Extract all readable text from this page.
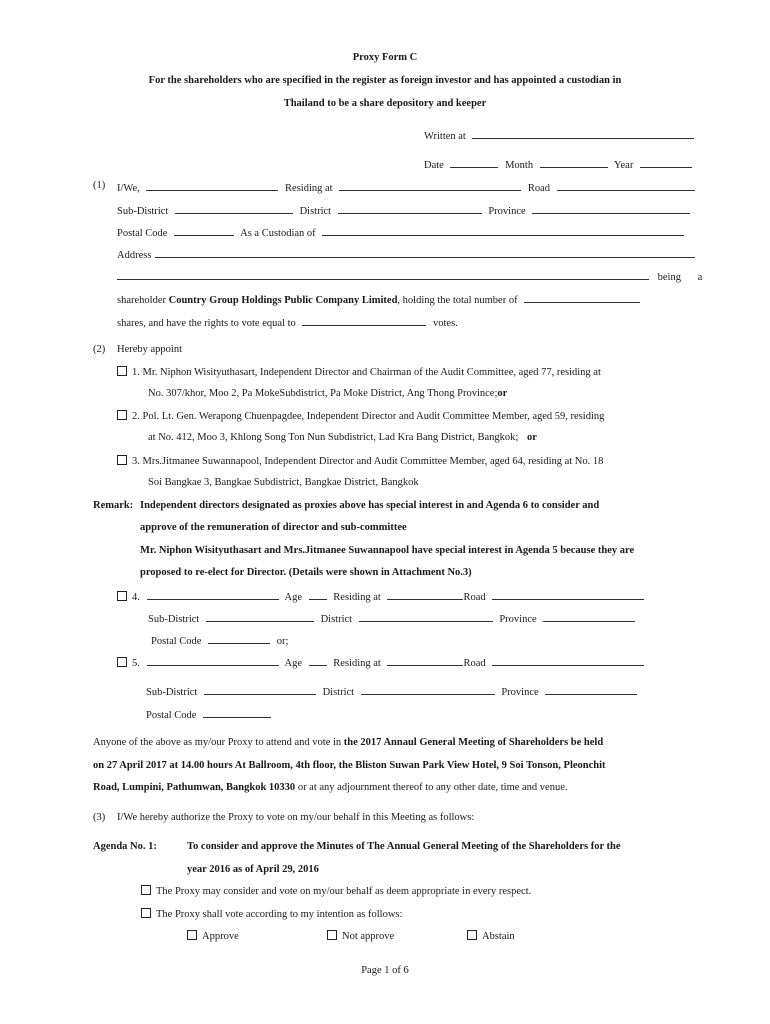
Proxy Form C
For the shareholders who are specified in the register as foreign investor and has appointed a custodian in
Thailand to be a share depository and keeper
Written at
Date	Month	Year
(1) I/We,	Residing at	Road
Sub-District	District	Province
Postal Code	As a Custodian of
Address
being a
shareholder Country Group Holdings Public Company Limited, holding the total number of
shares, and have the rights to vote equal to	votes.
(2) Hereby appoint
1. Mr. Niphon Wisityuthasart, Independent Director and Chairman of the Audit Committee, aged 77, residing at
No. 307/khor, Moo 2, Pa MokeSubdistrict, Pa Moke District, Ang Thong Province;or
2. Pol. Lt. Gen. Werapong Chuenpagdee, Independent Director and Audit Committee Member, aged 59, residing
at No. 412, Moo 3, Khlong Song Ton Nun Subdistrict, Lad Kra Bang District, Bangkok; or
3. Mrs.Jitmanee Suwannapool, Independent Director and Audit Committee Member, aged 64, residing at No. 18
Soi Bangkae 3, Bangkae Subdistrict, Bangkae District, Bangkok
Remark: Independent directors designated as proxies above has special interest in and Agenda 6 to consider and
approve of the remuneration of director and sub-committee
Mr. Niphon Wisityuthasart and Mrs.Jitmanee Suwannapool have special interest in Agenda 5 because they are
proposed to re-elect for Director. (Details were shown in Attachment No.3)
4.	Age	Residing at	Road
Sub-District	District	Province
Postal Code	or;
5.	Age	Residing at	Road
Sub-District	District	Province
Postal Code
Anyone of the above as my/our Proxy to attend and vote in the 2017 Annaul General Meeting of Shareholders be held
on 27 April 2017 at 14.00 hours At Ballroom, 4th floor, the Bliston Suwan Park View Hotel, 9 Soi Tonson, Pleonchit
Road, Lumpini, Pathumwan, Bangkok 10330 or at any adjournment thereof to any other date, time and venue.
(3) I/We hereby authorize the Proxy to vote on my/our behalf in this Meeting as follows:
Agenda No. 1:	To consider and approve the Minutes of The Annual General Meeting of the Shareholders for the
year 2016 as of April 29, 2016
The Proxy may consider and vote on my/our behalf as deem appropriate in every respect.
The Proxy shall vote according to my intention as follows:
Approve	Not approve	Abstain
Page 1 of 6
